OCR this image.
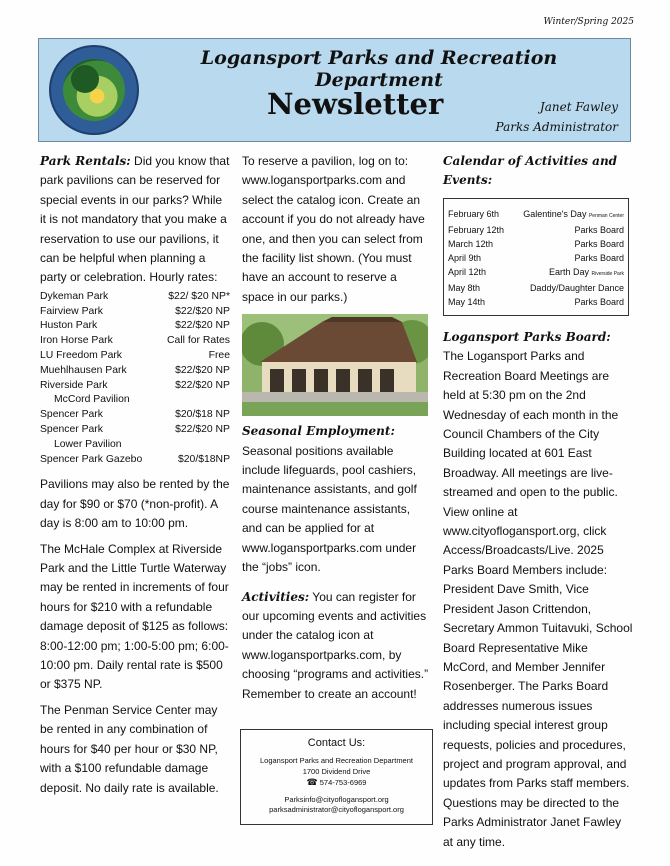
Winter/Spring 2025
Logansport Parks and Recreation Department
Newsletter	Janet Fawley
Parks Administrator
Park Rentals: Did you know that park pavilions can be reserved for special events in our parks? While it is not mandatory that you make a reservation to use our pavilions, it can be helpful when planning a party or celebration. Hourly rates:
Dykeman Park	$22/ $20 NP*
Fairview Park	$22/$20 NP
Huston Park	$22/$20 NP
Iron Horse Park	Call for Rates
LU Freedom Park	Free
Muehlhausen Park	$22/$20 NP
Riverside Park	$22/$20 NP
McCord Pavilion
Spencer Park	$20/$18 NP
Spencer Park	$22/$20 NP
Lower Pavilion
Spencer Park Gazebo	$20/$18NP
Pavilions may also be rented by the day for $90 or $70 (*non-profit). A day is 8:00 am to 10:00 pm.
The McHale Complex at Riverside Park and the Little Turtle Waterway may be rented in increments of four hours for $210 with a refundable damage deposit of $125 as follows: 8:00-12:00 pm; 1:00-5:00 pm; 6:00-10:00 pm. Daily rental rate is $500 or $375 NP.
The Penman Service Center may be rented in any combination of hours for $40 per hour or $30 NP, with a $100 refundable damage deposit. No daily rate is available.
To reserve a pavilion, log on to: www.logansportparks.com and select the catalog icon. Create an account if you do not already have one, and then you can select from the facility list shown. (You must have an account to reserve a space in our parks.)
Seasonal Employment: Seasonal positions available include lifeguards, pool cashiers, maintenance assistants, and golf course maintenance assistants, and can be applied for at www.logansportparks.com under the “jobs” icon.
Activities: You can register for our upcoming events and activities under the catalog icon at www.logansportparks.com, by choosing “programs and activities.” Remember to create an account!
Contact Us:
Logansport Parks and Recreation Department
1700 Dividend Drive
☎ 574-753-6969
Parksinfo@cityoflogansport.org
parksadministrator@cityoflogansport.org
Calendar of Activities and Events:
February 6th	Galentine's Day Penman Center
February 12th	Parks Board
March 12th	Parks Board
April 9th	Parks Board
April 12th	Earth Day Riverside Park
May 8th	Daddy/Daughter Dance
May 14th	Parks Board
Logansport Parks Board:
The Logansport Parks and Recreation Board Meetings are held at 5:30 pm on the 2nd Wednesday of each month in the Council Chambers of the City Building located at 601 East Broadway. All meetings are live-streamed and open to the public. View online at www.cityoflogansport.org, click Access/Broadcasts/Live. 2025 Parks Board Members include: President Dave Smith, Vice President Jason Crittendon, Secretary Ammon Tuitavuki, School Board Representative Mike McCord, and Member Jennifer Rosenberger. The Parks Board addresses numerous issues including special interest group requests, policies and procedures, project and program approval, and updates from Parks staff members. Questions may be directed to the Parks Administrator Janet Fawley at any time.
